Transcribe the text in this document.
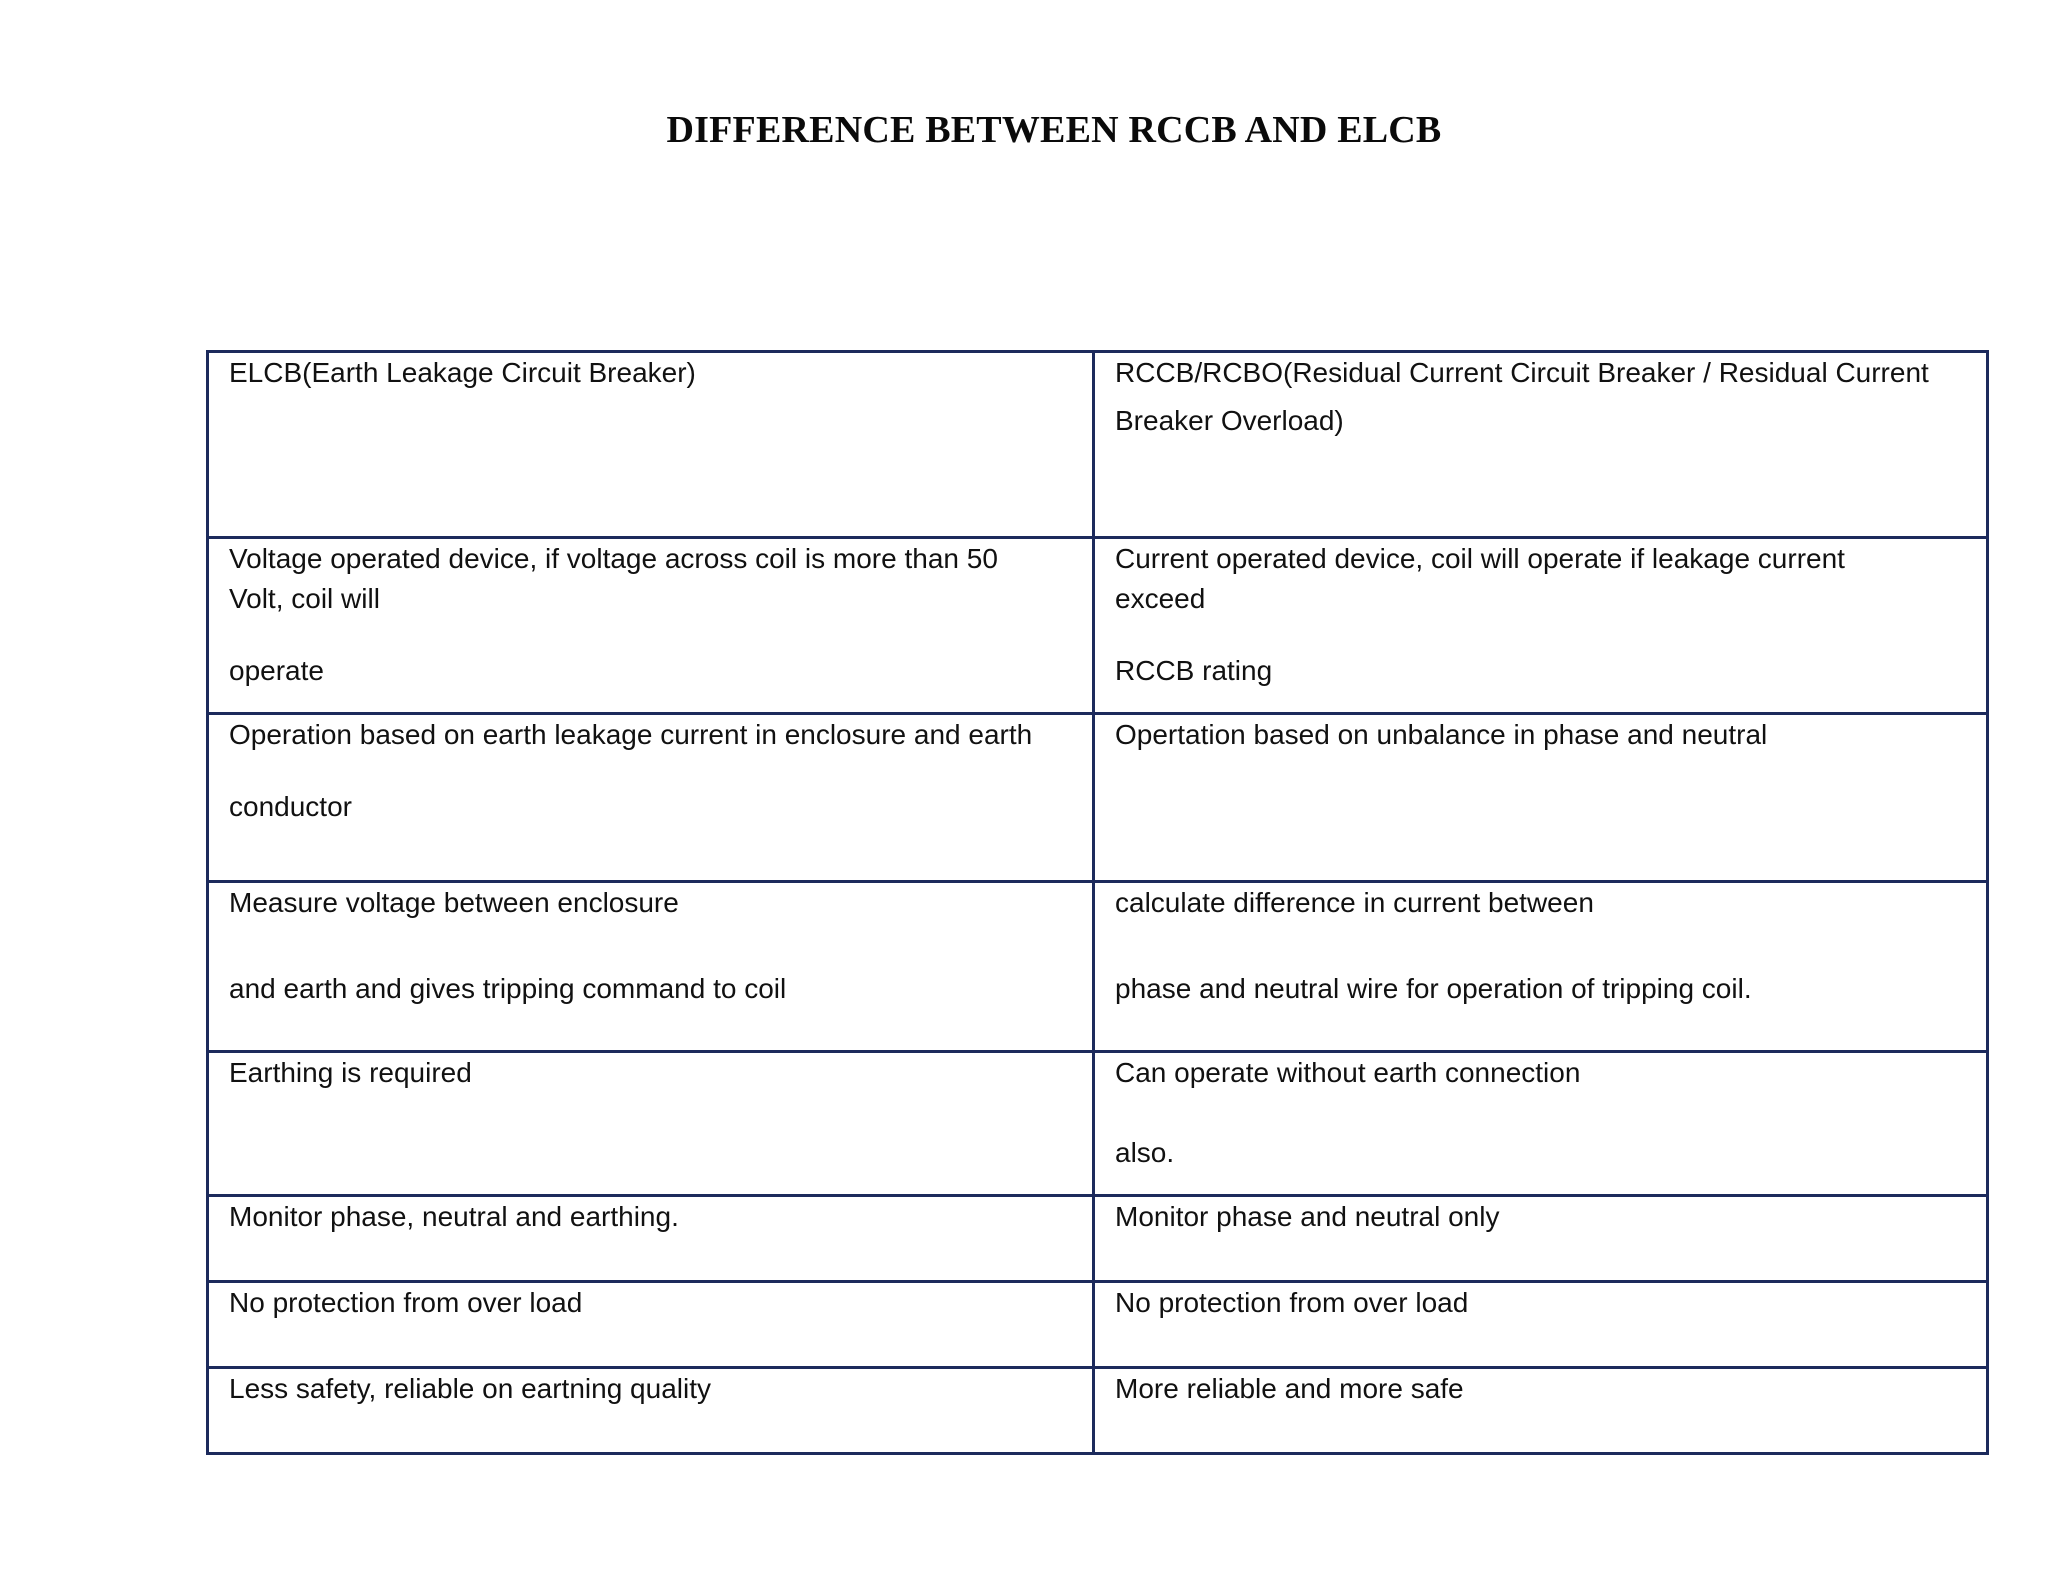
DIFFERENCE BETWEEN RCCB AND ELCB
ELCB(Earth Leakage Circuit Breaker)	RCCB/RCBO(Residual Current Circuit Breaker / Residual Current
Breaker Overload)

Voltage operated device, if voltage across coil is more than 50
Volt, coil will
operate	Current operated device, coil will operate if leakage current
exceed
RCCB rating

Operation based on earth leakage current in enclosure and earth
conductor	Opertation based on unbalance in phase and neutral

Measure voltage between enclosure
and earth and gives tripping command to coil	calculate difference in current between
phase and neutral wire for operation of tripping coil.

Earthing is required	Can operate without earth connection
also.

Monitor phase, neutral and earthing.	Monitor phase and neutral only

No protection from over load	No protection from over load

Less safety, reliable on eartning quality	More reliable and more safe
